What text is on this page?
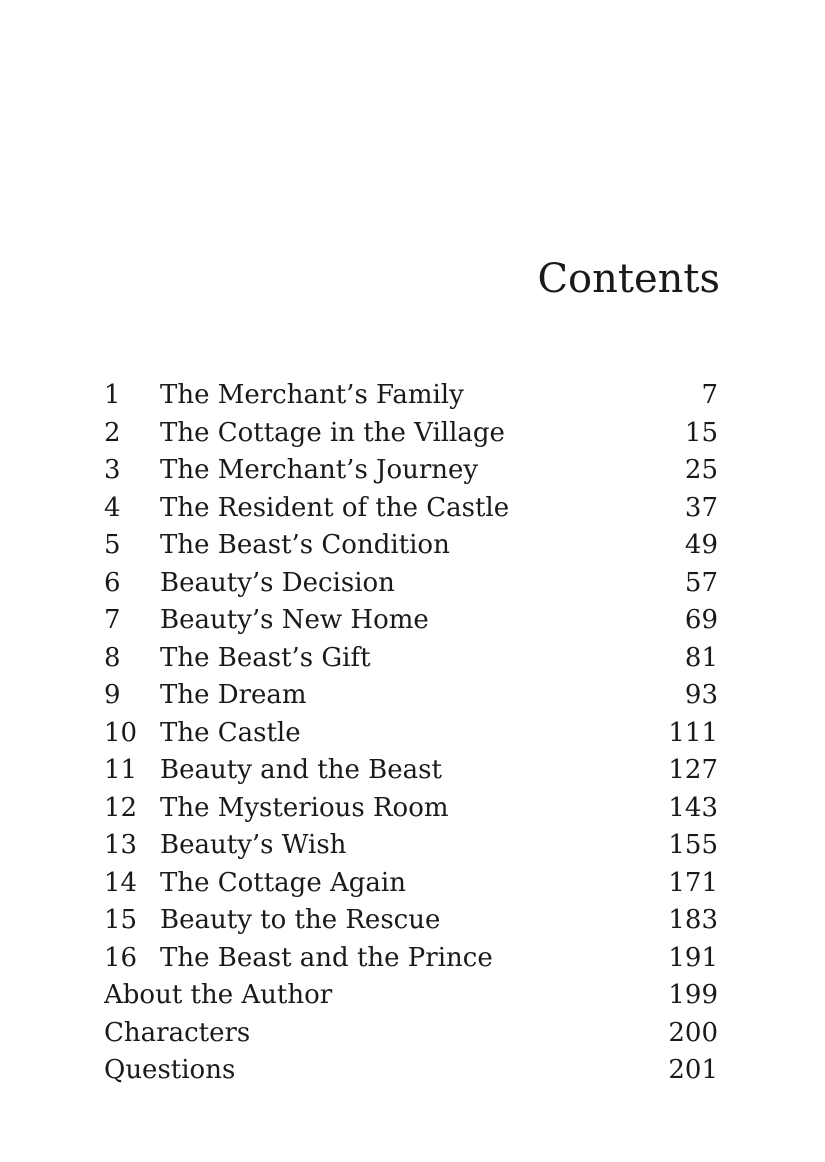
Contents
1	The Merchant’s Family	7
2	The Cottage in the Village	15
3	The Merchant’s Journey	25
4	The Resident of the Castle	37
5	The Beast’s Condition	49
6	Beauty’s Decision	57
7	Beauty’s New Home	69
8	The Beast’s Gift	81
9	The Dream	93
10 The Castle	111
11 Beauty and the Beast	127
12 The Mysterious Room	143
13 Beauty’s Wish	155
14 The Cottage Again	171
15 Beauty to the Rescue	183
16 The Beast and the Prince	191
About the Author	199
Characters	200
Questions	201
